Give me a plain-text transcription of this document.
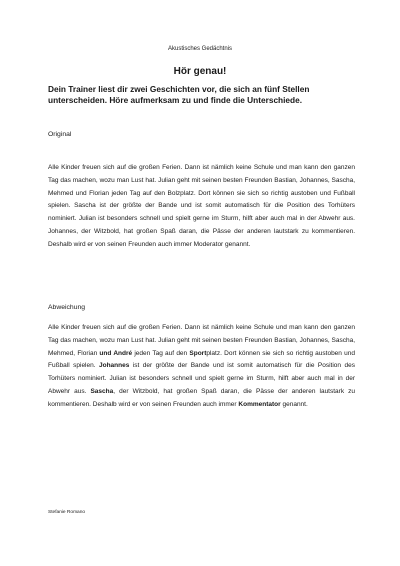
Akustisches Gedächtnis
Hör genau!

Dein Trainer liest dir zwei Geschichten vor, die sich an fünf Stellen unterscheiden. Höre aufmerksam zu und finde die Unterschiede.

Original

Alle Kinder freuen sich auf die großen Ferien. Dann ist nämlich keine Schule und man kann den ganzen Tag das machen, wozu man Lust hat. Julian geht mit seinen besten Freunden Bastian, Johannes, Sascha, Mehmed und Florian jeden Tag auf den Bolzplatz. Dort können sie sich so richtig austoben und Fußball spielen. Sascha ist der größte der Bande und ist somit automatisch für die Position des Torhüters nominiert. Julian ist besonders schnell und spielt gerne im Sturm, hilft aber auch mal in der Abwehr aus. Johannes, der Witzbold, hat großen Spaß daran, die Pässe der anderen lautstark zu kommentieren. Deshalb wird er von seinen Freunden auch immer Moderator genannt.

Abweichung

Alle Kinder freuen sich auf die großen Ferien. Dann ist nämlich keine Schule und man kann den ganzen Tag das machen, wozu man Lust hat. Julian geht mit seinen besten Freunden Bastian, Johannes, Sascha, Mehmed, Florian und André jeden Tag auf den Sportplatz. Dort können sie sich so richtig austoben und Fußball spielen. Johannes ist der größte der Bande und ist somit automatisch für die Position des Torhüters nominiert. Julian ist besonders schnell und spielt gerne im Sturm, hilft aber auch mal in der Abwehr aus. Sascha, der Witzbold, hat großen Spaß daran, die Pässe der anderen lautstark zu kommentieren. Deshalb wird er von seinen Freunden auch immer Kommentator genannt.

Stefanie Romano
